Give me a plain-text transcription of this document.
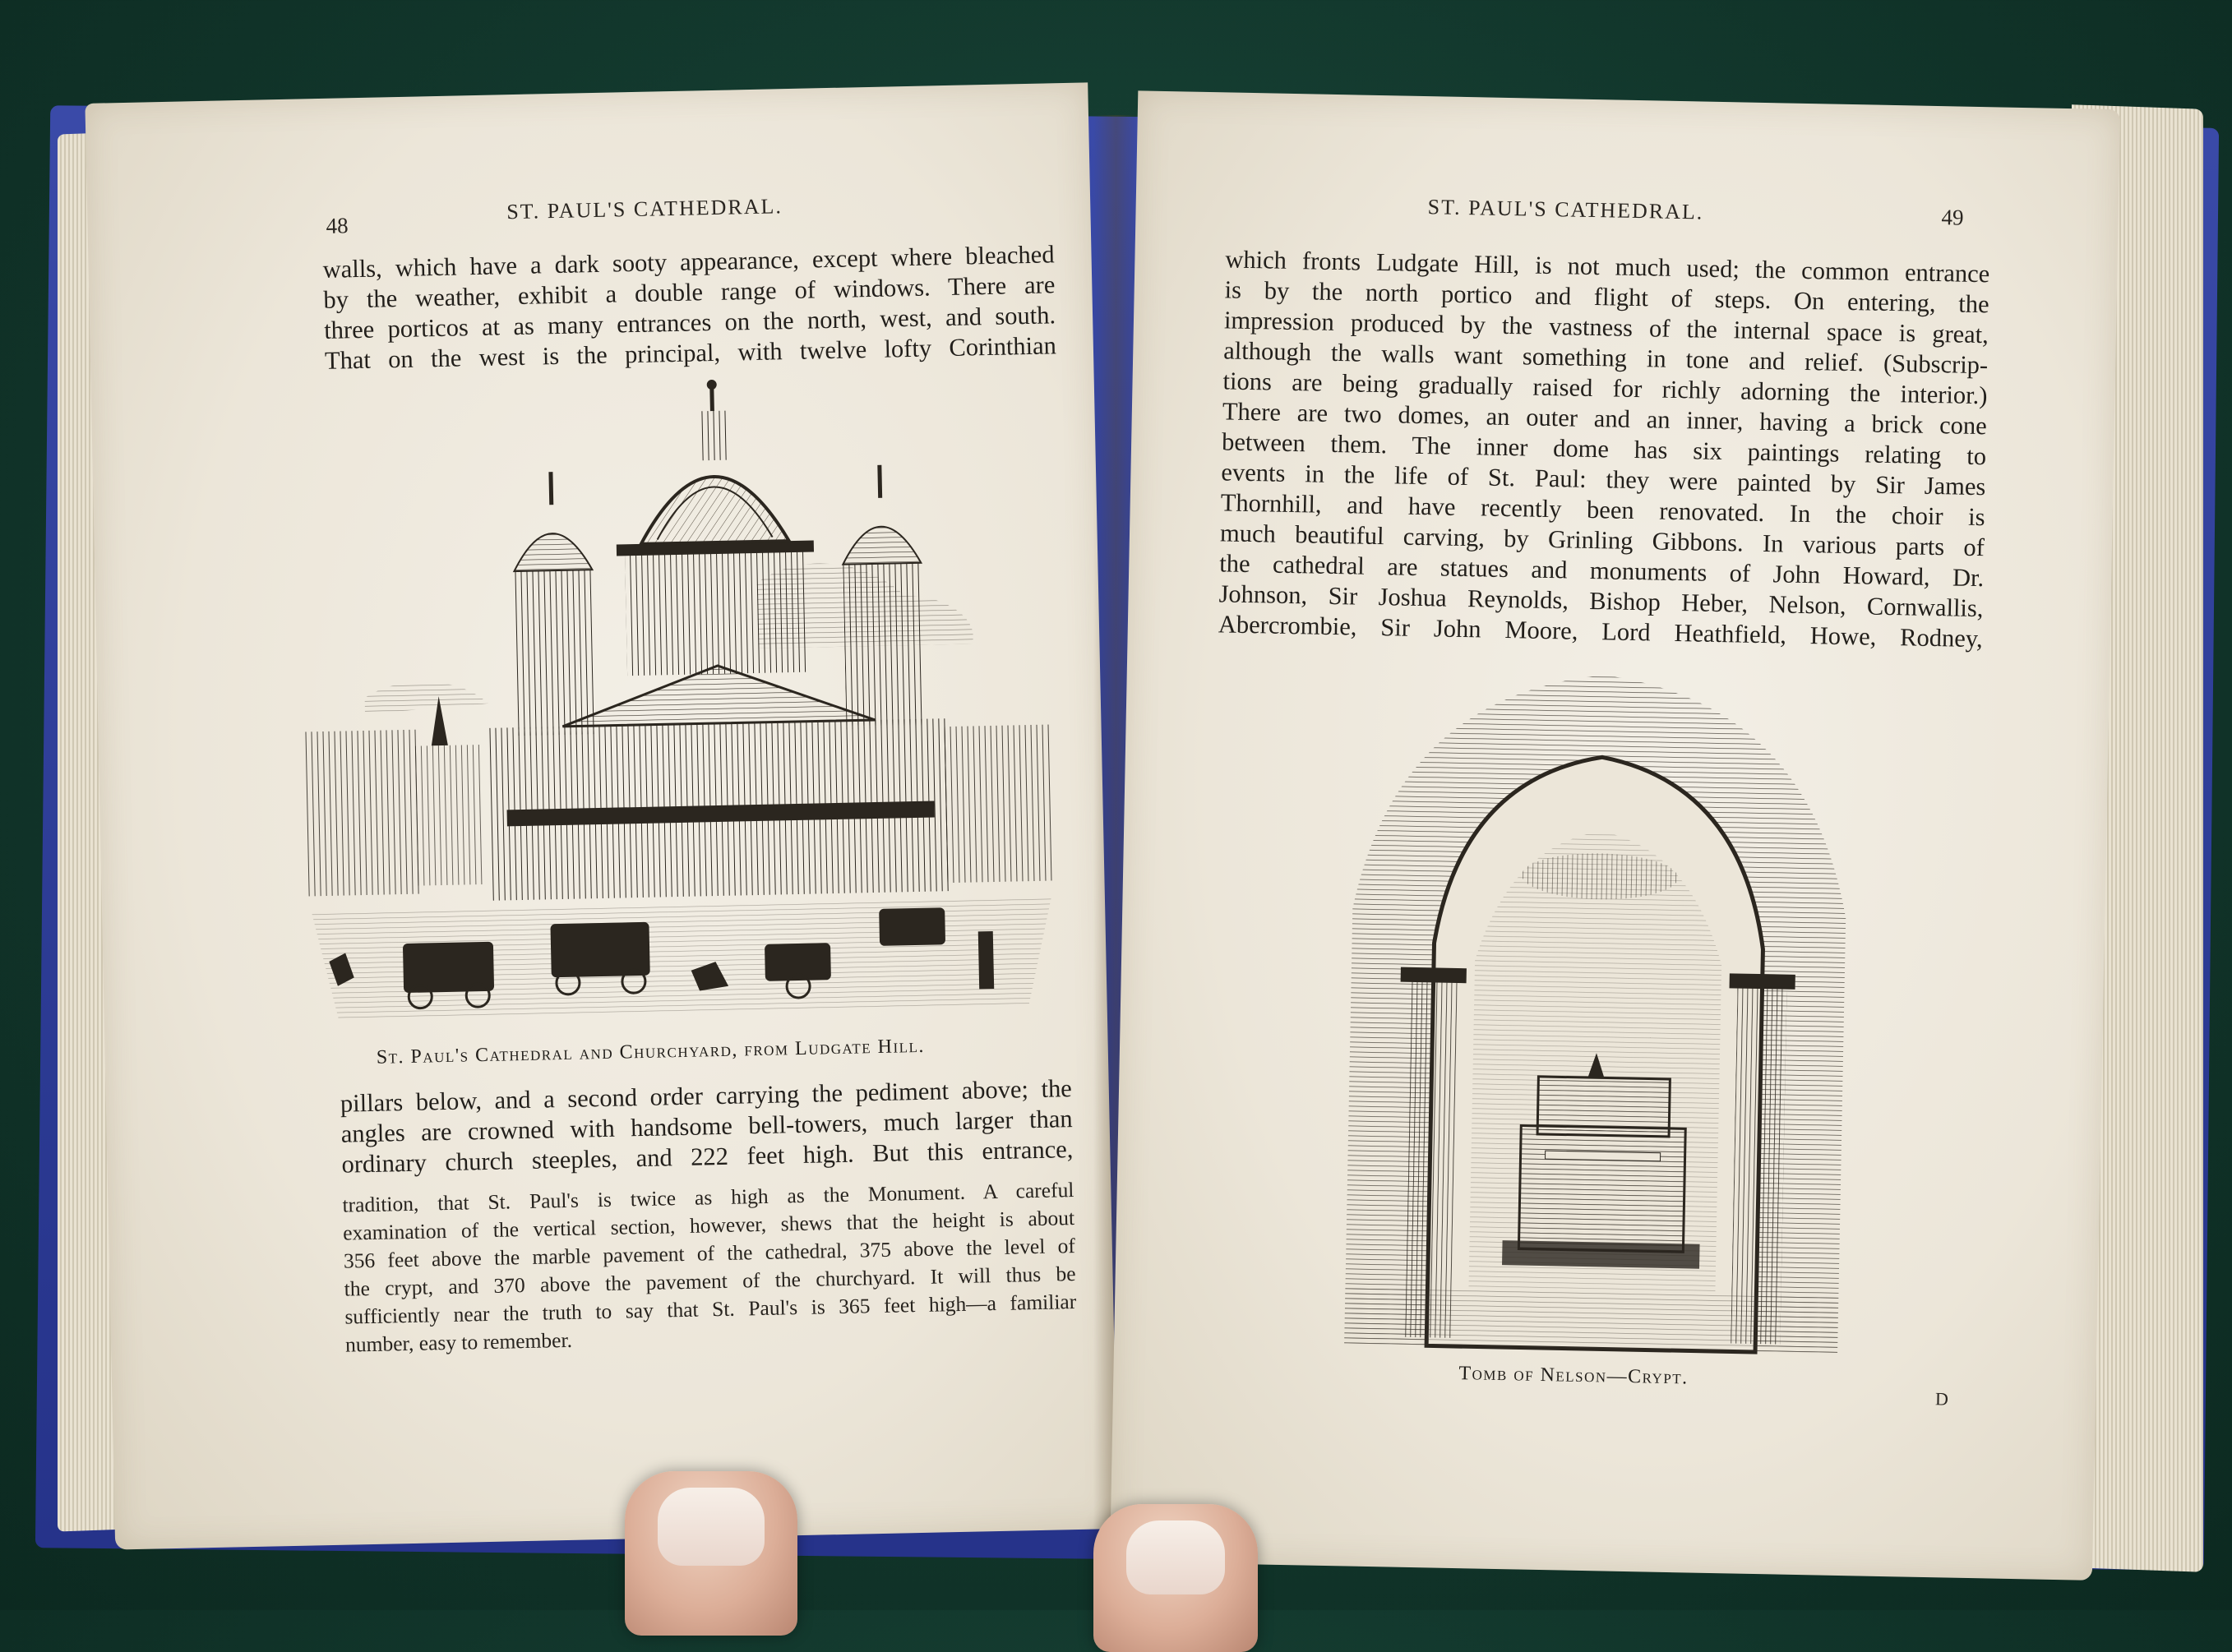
48
ST. PAUL'S CATHEDRAL.
walls, which have a dark sooty appearance, except where bleached
by the weather, exhibit a double range of windows. There are
three porticos at as many entrances on the north, west, and south.
That on the west is the principal, with twelve lofty Corinthian
St. Paul's Cathedral and Churchyard, from Ludgate Hill.
pillars below, and a second order carrying the pediment above; the
angles are crowned with handsome bell-towers, much larger than
ordinary church steeples, and 222 feet high. But this entrance,
tradition, that St. Paul's is twice as high as the Monument. A careful
examination of the vertical section, however, shews that the height is about
356 feet above the marble pavement of the cathedral, 375 above the level of
the crypt, and 370 above the pavement of the churchyard. It will thus be
sufficiently near the truth to say that St. Paul's is 365 feet high—a familiar
number, easy to remember.
ST. PAUL'S CATHEDRAL.	49
which fronts Ludgate Hill, is not much used; the common entrance
is by the north portico and flight of steps. On entering, the
impression produced by the vastness of the internal space is great,
although the walls want something in tone and relief. (Subscrip-
tions are being gradually raised for richly adorning the interior.)
There are two domes, an outer and an inner, having a brick cone
between them. The inner dome has six paintings relating to
events in the life of St. Paul: they were painted by Sir James
Thornhill, and have recently been renovated. In the choir is
much beautiful carving, by Grinling Gibbons. In various parts of
the cathedral are statues and monuments of John Howard, Dr.
Johnson, Sir Joshua Reynolds, Bishop Heber, Nelson, Cornwallis,
Abercrombie, Sir John Moore, Lord Heathfield, Howe, Rodney,
Tomb of Nelson—Crypt.
D
